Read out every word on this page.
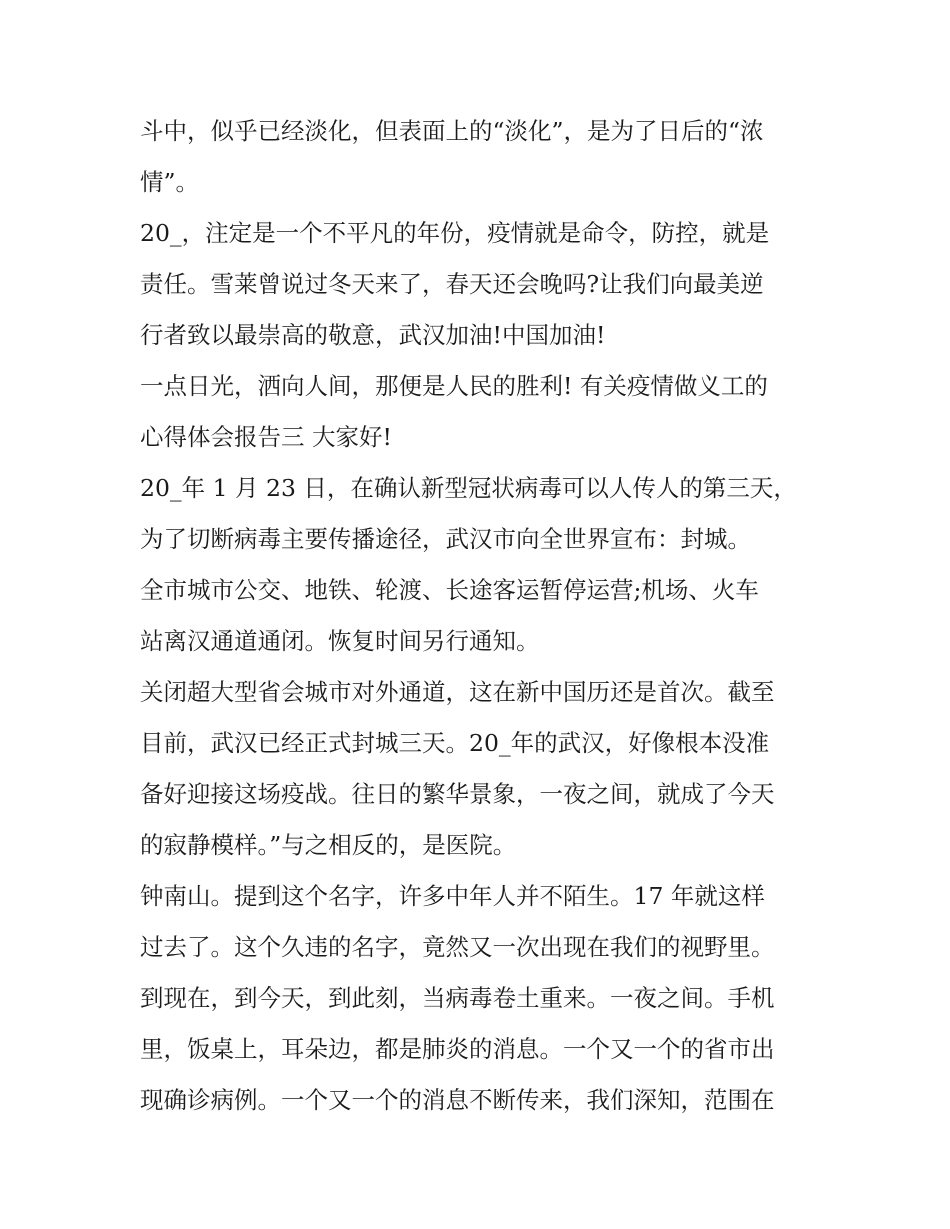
斗中，似乎已经淡化，但表面上的“淡化”，是为了日后的“浓
情”。
20_，注定是一个不平凡的年份，疫情就是命令，防控，就是
责任。雪莱曾说过冬天来了，春天还会晚吗?让我们向最美逆
行者致以最崇高的敬意，武汉加油!中国加油!
一点日光，洒向人间，那便是人民的胜利! 有关疫情做义工的
心得体会报告三 大家好!
20_年 1 月 23 日，在确认新型冠状病毒可以人传人的第三天，
为了切断病毒主要传播途径，武汉市向全世界宣布：封城。
全市城市公交、地铁、轮渡、长途客运暂停运营;机场、火车
站离汉通道通闭。恢复时间另行通知。
关闭超大型省会城市对外通道，这在新中国历还是首次。截至
目前，武汉已经正式封城三天。20_年的武汉，好像根本没准
备好迎接这场疫战。往日的繁华景象，一夜之间，就成了今天
的寂静模样。”与之相反的，是医院。
钟南山。提到这个名字，许多中年人并不陌生。17 年就这样
过去了。这个久违的名字，竟然又一次出现在我们的视野里。
到现在，到今天，到此刻，当病毒卷土重来。一夜之间。手机
里，饭桌上，耳朵边，都是肺炎的消息。一个又一个的省市出
现确诊病例。一个又一个的消息不断传来，我们深知，范围在
